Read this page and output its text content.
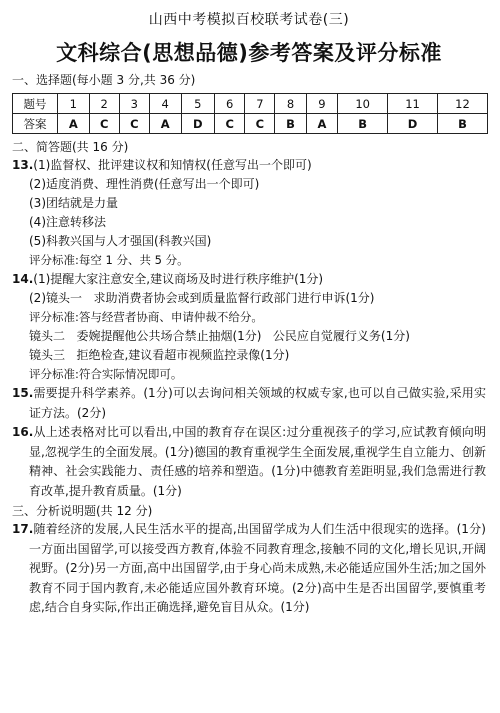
山西中考模拟百校联考试卷(三)
文科综合(思想品德)参考答案及评分标准
一、选择题(每小题 3 分,共 36 分)
题号	1	2	3	4	5	6	7	8	9	10	11	12
答案	A	C	C	A	D	C	C	B	A	B	D	B
二、简答题(共 16 分)
13.(1)监督权、批评建议权和知情权(任意写出一个即可)
(2)适度消费、理性消费(任意写出一个即可)
(3)团结就是力量
(4)注意转移法
(5)科教兴国与人才强国(科教兴国)
评分标准:每空 1 分、共 5 分。
14.(1)提醒大家注意安全,建议商场及时进行秩序维护(1分)
(2)镜头一   求助消费者协会或到质量监督行政部门进行申诉(1分)
评分标准:答与经营者协商、申请仲裁不给分。
镜头二   委婉提醒他公共场合禁止抽烟(1分)   公民应自觉履行义务(1分)
镜头三   拒绝检查,建议看超市视频监控录像(1分)
评分标准:符合实际情况即可。
15.需要提升科学素养。(1分)可以去询问相关领域的权威专家,也可以自己做实验,采用实证方法。(2分)
16.从上述表格对比可以看出,中国的教育存在误区:过分重视孩子的学习,应试教育倾向明显,忽视学生的全面发展。(1分)德国的教育重视学生全面发展,重视学生自立能力、创新精神、社会实践能力、责任感的培养和塑造。(1分)中德教育差距明显,我们急需进行教育改革,提升教育质量。(1分)
三、分析说明题(共 12 分)
17.随着经济的发展,人民生活水平的提高,出国留学成为人们生活中很现实的选择。(1分)一方面出国留学,可以接受西方教育,体验不同教育理念,接触不同的文化,增长见识,开阔视野。(2分)另一方面,高中出国留学,由于身心尚未成熟,未必能适应国外生活;加之国外教育不同于国内教育,未必能适应国外教育环境。(2分)高中生是否出国留学,要慎重考虑,结合自身实际,作出正确选择,避免盲目从众。(1分)
